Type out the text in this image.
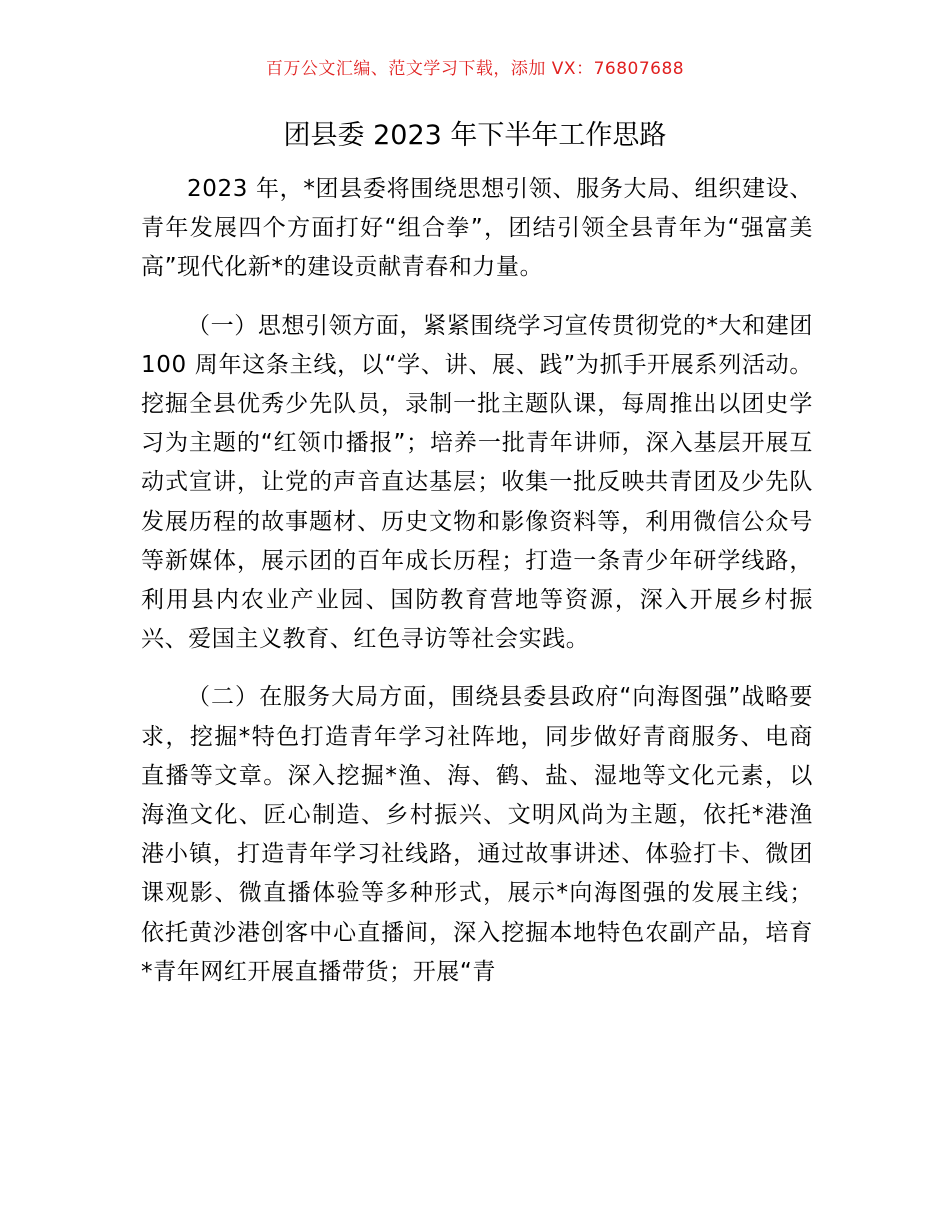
百万公文汇编、范文学习下载，添加 VX：76807688
团县委 2023 年下半年工作思路

2023 年，*团县委将围绕思想引领、服务大局、组织建设、青年发展四个方面打好“组合拳”，团结引领全县青年为“强富美高”现代化新*的建设贡献青春和力量。

（一）思想引领方面，紧紧围绕学习宣传贯彻党的*大和建团 100 周年这条主线，以“学、讲、展、践”为抓手开展系列活动。挖掘全县优秀少先队员，录制一批主题队课，每周推出以团史学习为主题的“红领巾播报”；培养一批青年讲师，深入基层开展互动式宣讲，让党的声音直达基层；收集一批反映共青团及少先队发展历程的故事题材、历史文物和影像资料等，利用微信公众号等新媒体，展示团的百年成长历程；打造一条青少年研学线路，利用县内农业产业园、国防教育营地等资源，深入开展乡村振兴、爱国主义教育、红色寻访等社会实践。

（二）在服务大局方面，围绕县委县政府“向海图强”战略要求，挖掘*特色打造青年学习社阵地，同步做好青商服务、电商直播等文章。深入挖掘*渔、海、鹤、盐、湿地等文化元素，以海渔文化、匠心制造、乡村振兴、文明风尚为主题，依托*港渔港小镇，打造青年学习社线路，通过故事讲述、体验打卡、微团课观影、微直播体验等多种形式，展示*向海图强的发展主线；依托黄沙港创客中心直播间，深入挖掘本地特色农副产品，培育*青年网红开展直播带货；开展“青
